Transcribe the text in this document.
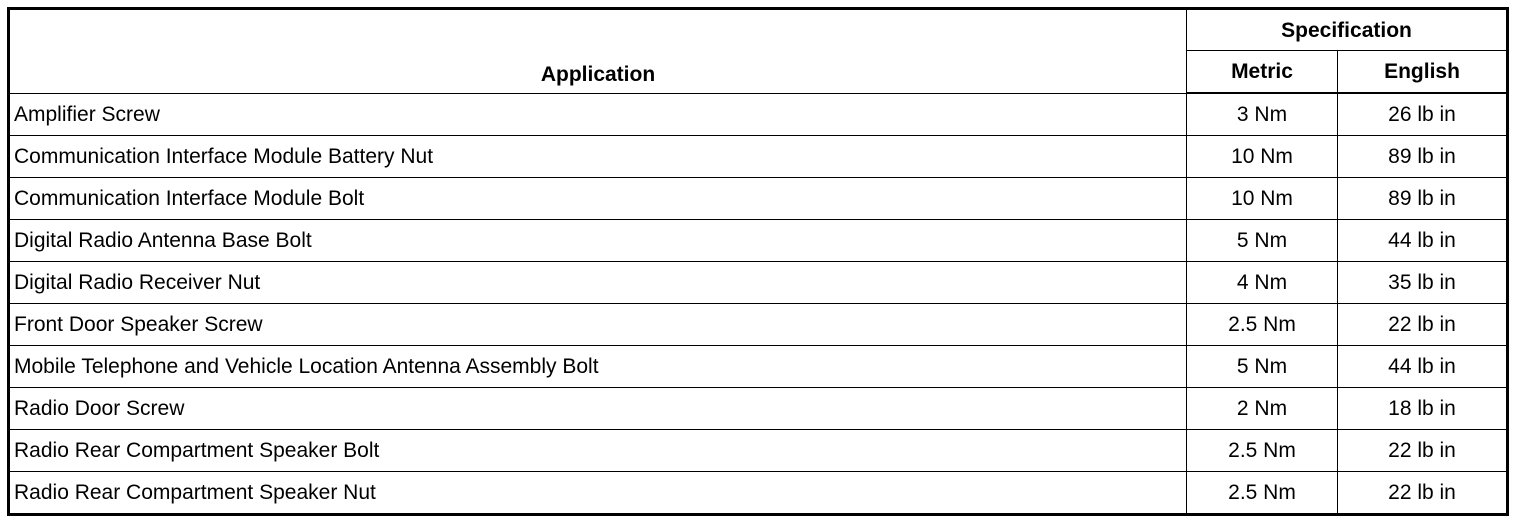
Application	Specification	
	Metric	English
Amplifier Screw	3 Nm	26 lb in
Communication Interface Module Battery Nut	10 Nm	89 lb in
Communication Interface Module Bolt	10 Nm	89 lb in
Digital Radio Antenna Base Bolt	5 Nm	44 lb in
Digital Radio Receiver Nut	4 Nm	35 lb in
Front Door Speaker Screw	2.5 Nm	22 lb in
Mobile Telephone and Vehicle Location Antenna Assembly Bolt	5 Nm	44 lb in
Radio Door Screw	2 Nm	18 lb in
Radio Rear Compartment Speaker Bolt	2.5 Nm	22 lb in
Radio Rear Compartment Speaker Nut	2.5 Nm	22 lb in
